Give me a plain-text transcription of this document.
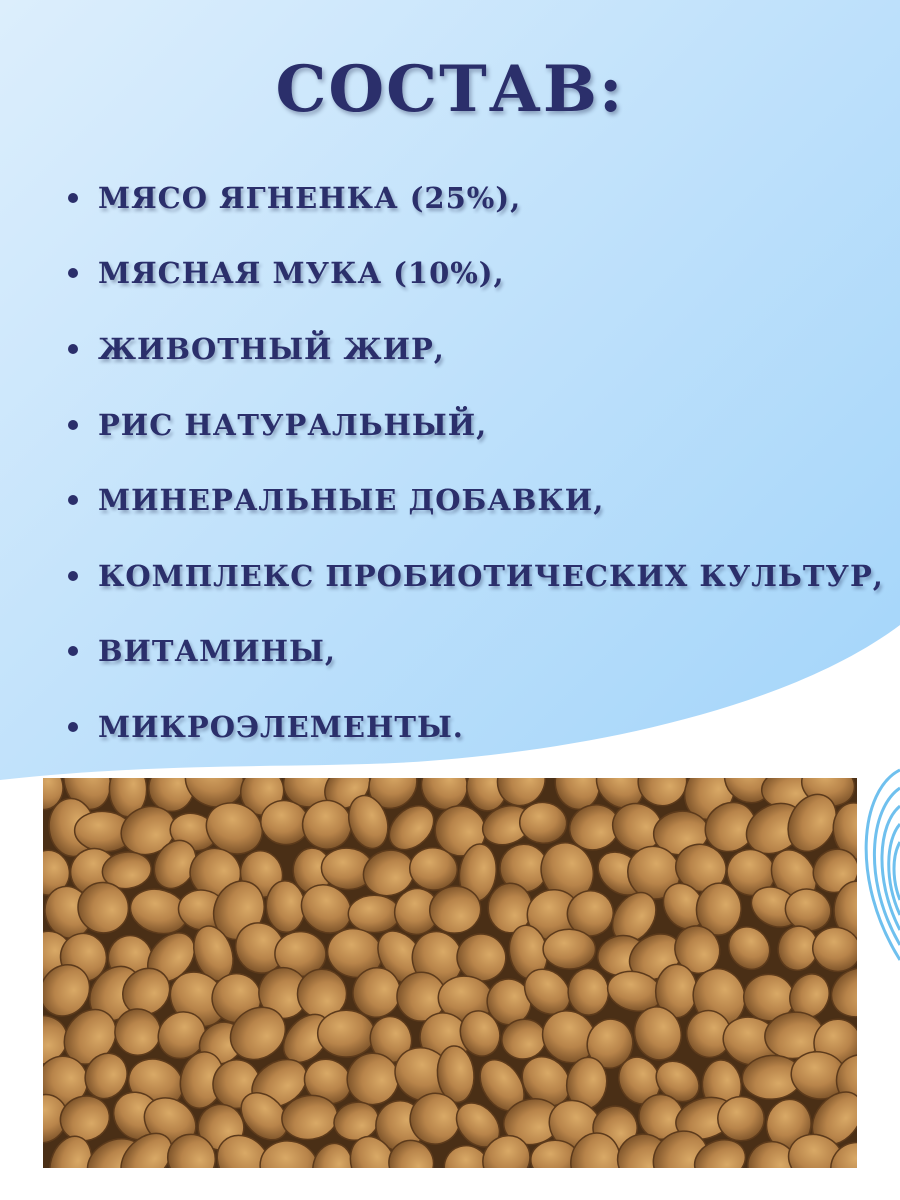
СОСТАВ:
МЯСО ЯГНЕНКА (25%),
МЯСНАЯ МУКА (10%),
ЖИВОТНЫЙ ЖИР,
РИС НАТУРАЛЬНЫЙ,
МИНЕРАЛЬНЫЕ ДОБАВКИ,
КОМПЛЕКС ПРОБИОТИЧЕСКИХ КУЛЬТУР,
ВИТАМИНЫ,
МИКРОЭЛЕМЕНТЫ.
